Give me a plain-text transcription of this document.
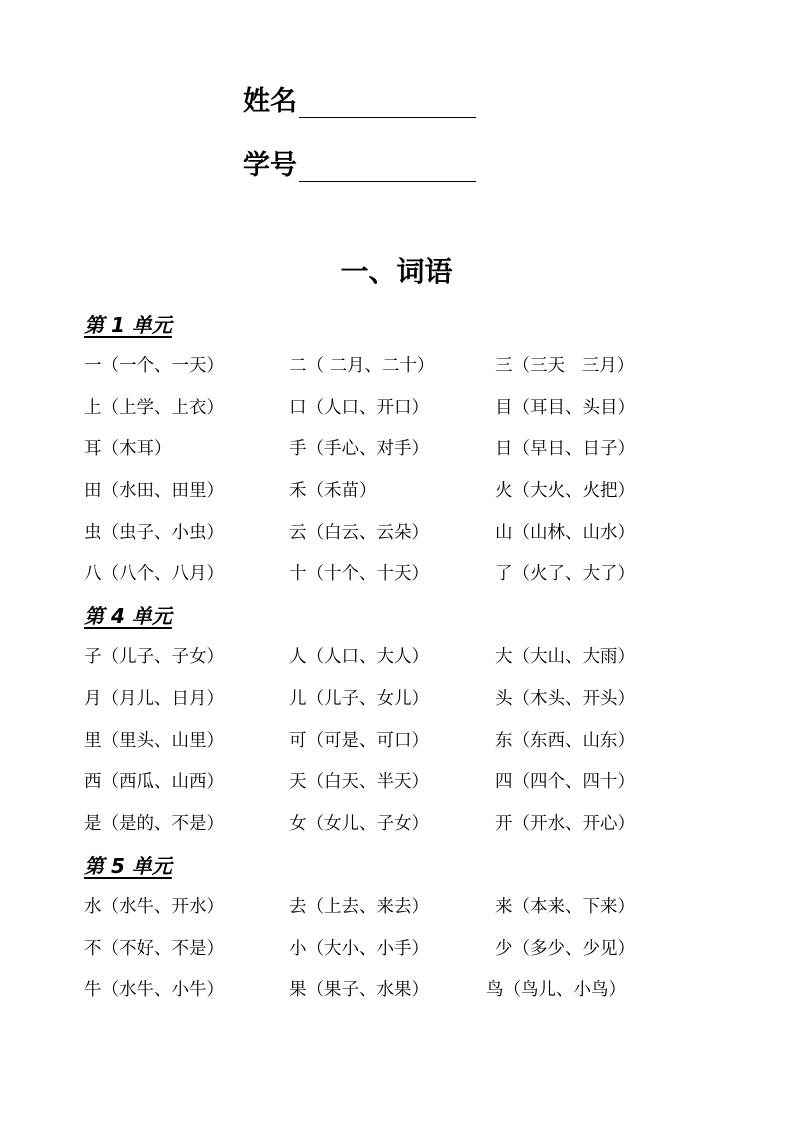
姓名
学号
一、词语
第 1 单元
一（一个、一天）	二（ 二月、二十）	三（三天   三月）
上（上学、上衣）	口（人口、开口）	目（耳目、头目）
耳（木耳）	手（手心、对手）	日（早日、日子）
田（水田、田里）	禾（禾苗）	火（大火、火把）
虫（虫子、小虫）	云（白云、云朵）	山（山林、山水）
八（八个、八月）	十（十个、十天）	了（火了、大了）
第 4 单元
子（儿子、子女）	人（人口、大人）	大（大山、大雨）
月（月儿、日月）	儿（儿子、女儿）	头（木头、开头）
里（里头、山里）	可（可是、可口）	东（东西、山东）
西（西瓜、山西）	天（白天、半天）	四（四个、四十）
是（是的、不是）	女（女儿、子女）	开（开水、开心）
第 5 单元
水（水牛、开水）	去（上去、来去）	来（本来、下来）
不（不好、不是）	小（大小、小手）	少（多少、少见）
牛（水牛、小牛）	果（果子、水果）	鸟（鸟儿、小鸟）
